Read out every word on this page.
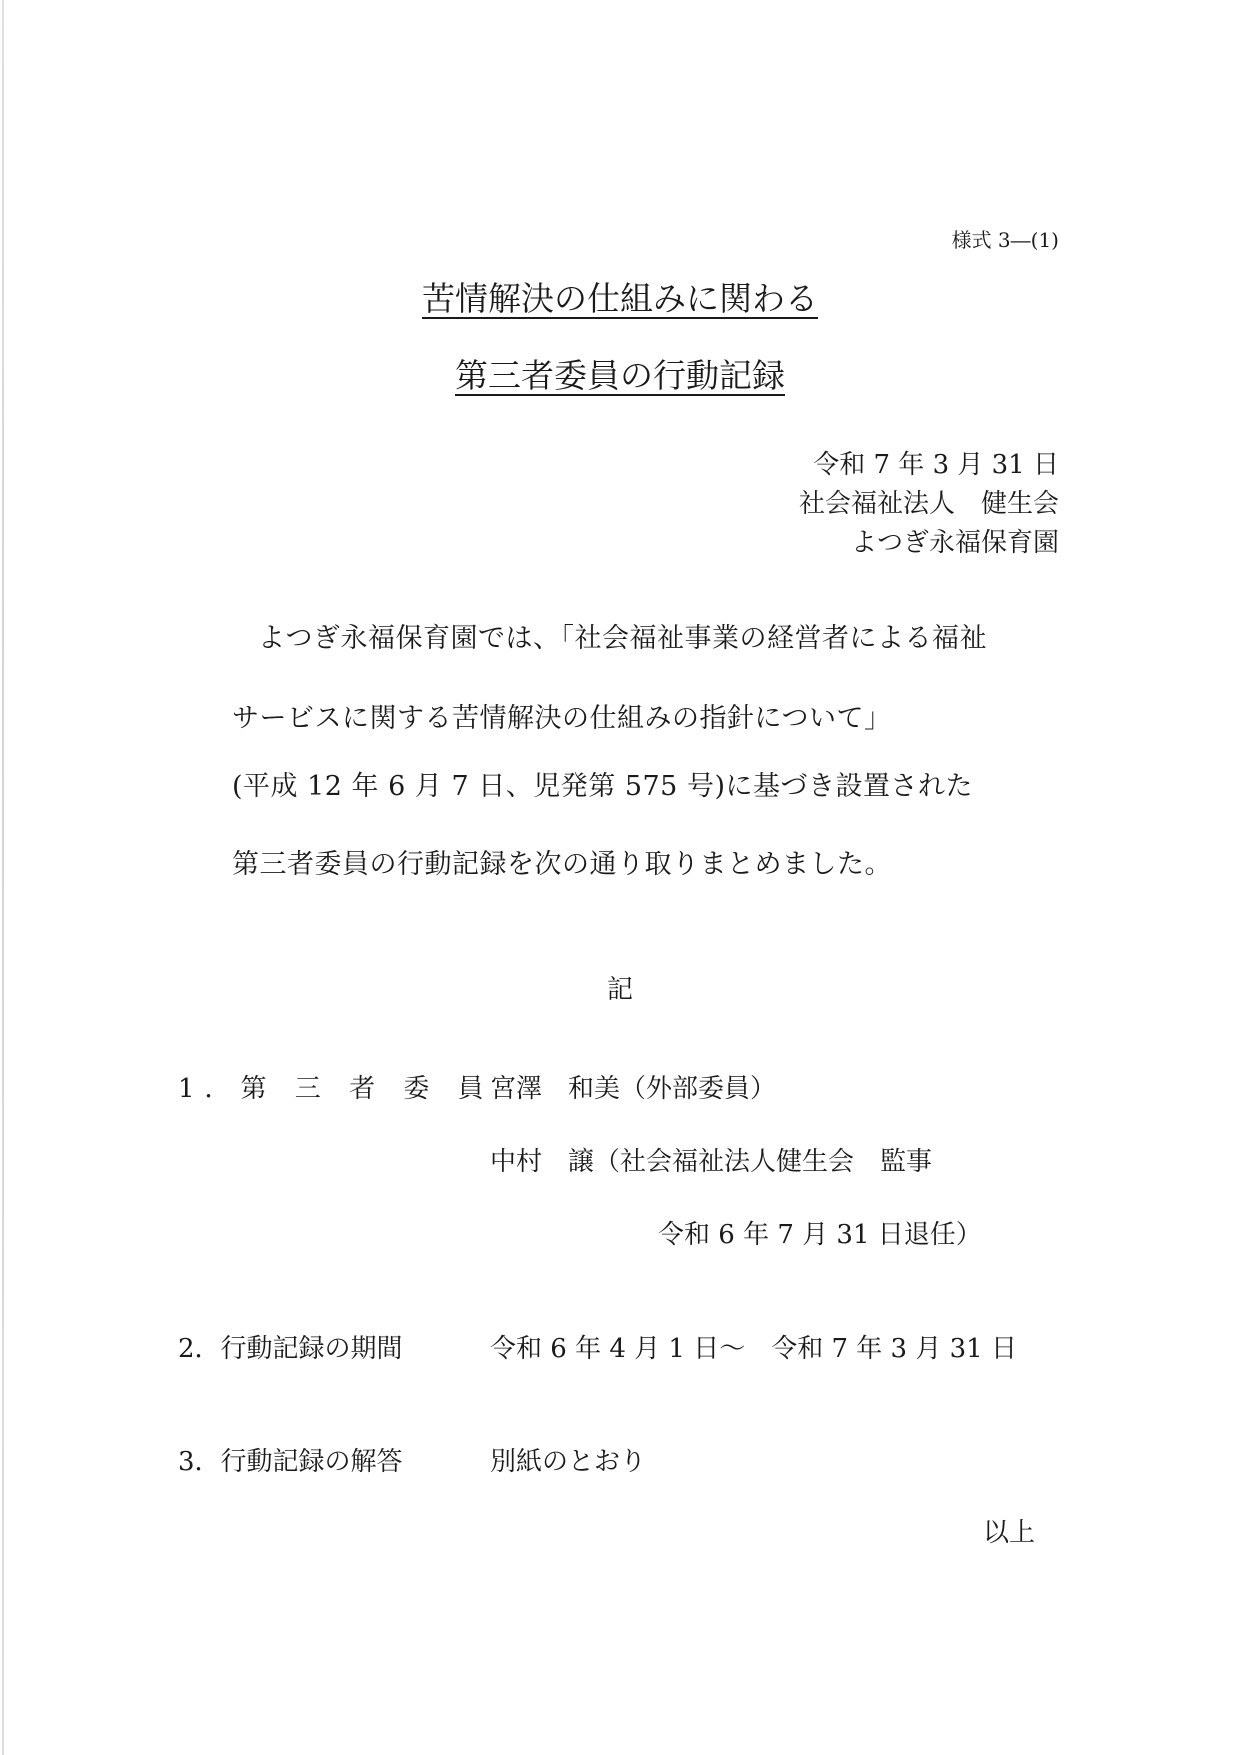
様式 3―(1)
苦情解決の仕組みに関わる
第三者委員の行動記録
令和 7 年 3 月 31 日
社会福祉法人　健生会
よつぎ永福保育園
よつぎ永福保育園では、「社会福祉事業の経営者による福祉
サービスに関する苦情解決の仕組みの指針について」
(平成 12 年 6 月 7 日、児発第 575 号)に基づき設置された
第三者委員の行動記録を次の通り取りまとめました。
記
1．第 三 者 委 員
宮澤　和美（外部委員）
中村　譲（社会福祉法人健生会　監事
令和 6 年 7 月 31 日退任）
2．行動記録の期間	令和 6 年 4 月 1 日～　令和 7 年 3 月 31 日
3．行動記録の解答	別紙のとおり
以上
